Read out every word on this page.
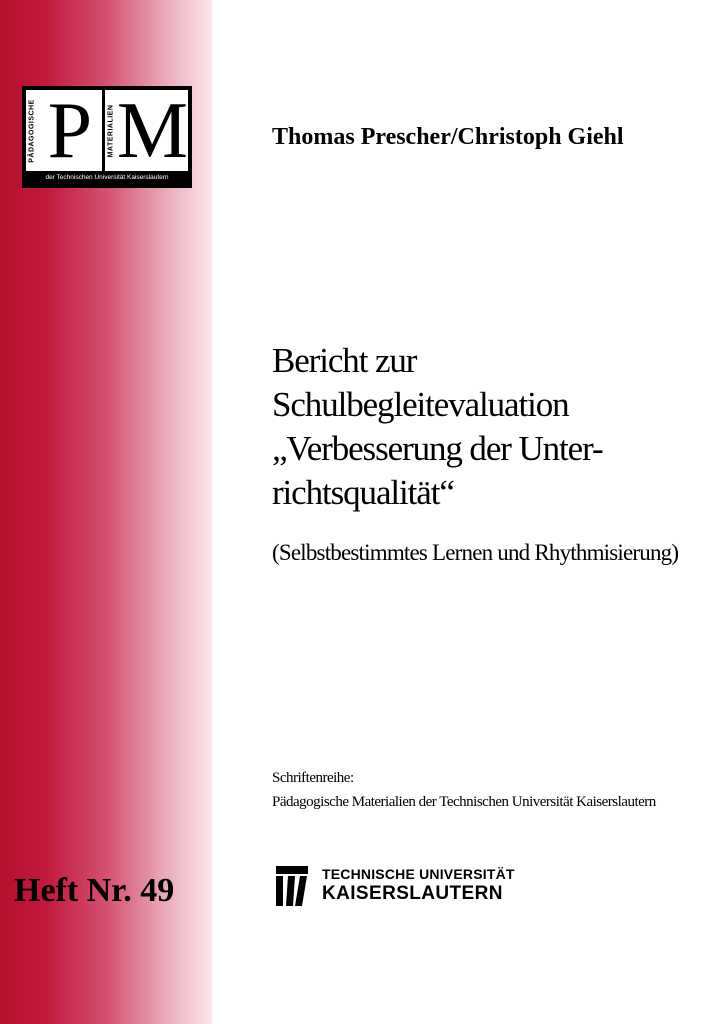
PÄDAGOGISCHE P	MATERIALIEN M
der Technischen Universität Kaiserslautern
Heft Nr. 49
Thomas Prescher/Christoph Giehl
Bericht zur
Schulbegleitevaluation
„Verbesserung der Unter-
richtsqualität“
(Selbstbestimmtes Lernen und Rhythmisierung)
Schriftenreihe:
Pädagogische Materialien der Technischen Universität Kaiserslautern
TECHNISCHE UNIVERSITÄT
KAISERSLAUTERN
